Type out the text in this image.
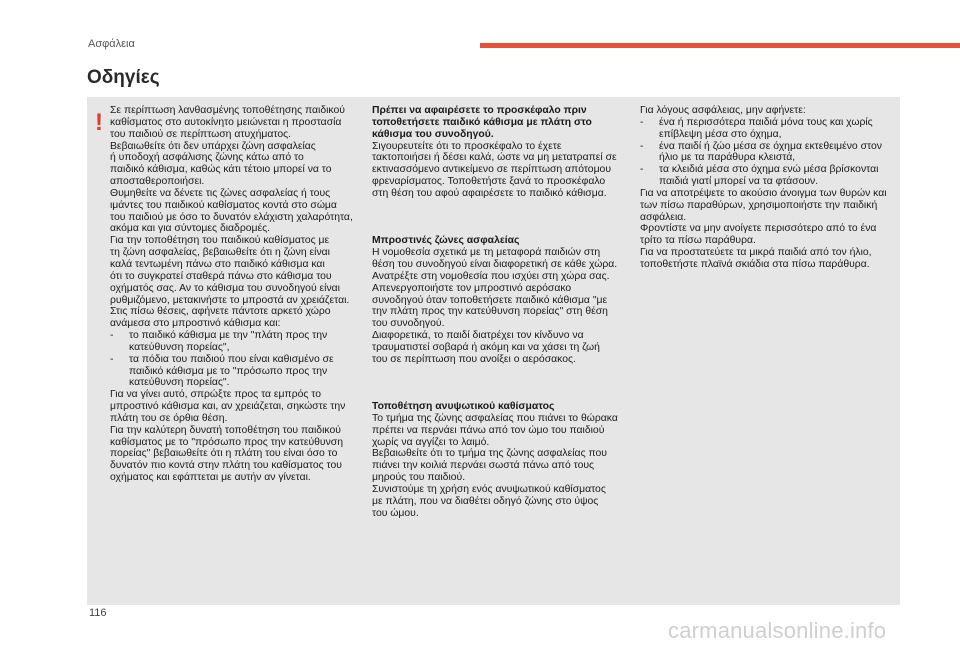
Ασφάλεια
Οδηγίες
! Σε περίπτωση λανθασμένης τοποθέτησης παιδικού
καθίσματος στο αυτοκίνητο μειώνεται η προστασία
του παιδιού σε περίπτωση ατυχήματος.
Βεβαιωθείτε ότι δεν υπάρχει ζώνη ασφαλείας
ή υποδοχή ασφάλισης ζώνης κάτω από το
παιδικό κάθισμα, καθώς κάτι τέτοιο μπορεί να το
αποσταθεροποιήσει.
Θυμηθείτε να δένετε τις ζώνες ασφαλείας ή τους
ιμάντες του παιδικού καθίσματος κοντά στο σώμα
του παιδιού με όσο το δυνατόν ελάχιστη χαλαρότητα,
ακόμα και για σύντομες διαδρομές.
Για την τοποθέτηση του παιδικού καθίσματος με
τη ζώνη ασφαλείας, βεβαιωθείτε ότι η ζώνη είναι
καλά τεντωμένη πάνω στο παιδικό κάθισμα και
ότι το συγκρατεί σταθερά πάνω στο κάθισμα του
οχήματός σας. Αν το κάθισμα του συνοδηγού είναι
ρυθμιζόμενο, μετακινήστε το μπροστά αν χρειάζεται.
Στις πίσω θέσεις, αφήνετε πάντοτε αρκετό χώρο
ανάμεσα στο μπροστινό κάθισμα και:
- το παιδικό κάθισμα με την "πλάτη προς την
κατεύθυνση πορείας",
- τα πόδια του παιδιού που είναι καθισμένο σε
παιδικό κάθισμα με το "πρόσωπο προς την
κατεύθυνση πορείας".
Για να γίνει αυτό, σπρώξτε προς τα εμπρός το
μπροστινό κάθισμα και, αν χρειάζεται, σηκώστε την
πλάτη του σε όρθια θέση.
Για την καλύτερη δυνατή τοποθέτηση του παιδικού
καθίσματος με το "πρόσωπο προς την κατεύθυνση
πορείας" βεβαιωθείτε ότι η πλάτη του είναι όσο το
δυνατόν πιο κοντά στην πλάτη του καθίσματος του
οχήματος και εφάπτεται με αυτήν αν γίνεται.
Πρέπει να αφαιρέσετε το προσκέφαλο πριν
τοποθετήσετε παιδικό κάθισμα με πλάτη στο
κάθισμα του συνοδηγού.
Σιγουρευτείτε ότι το προσκέφαλο το έχετε
τακτοποιήσει ή δέσει καλά, ώστε να μη μετατραπεί σε
εκτινασσόμενο αντικείμενο σε περίπτωση απότομου
φρεναρίσματος. Τοποθετήστε ξανά το προσκέφαλο
στη θέση του αφού αφαιρέσετε το παιδικό κάθισμα.
Μπροστινές ζώνες ασφαλείας
Η νομοθεσία σχετικά με τη μεταφορά παιδιών στη
θέση του συνοδηγού είναι διαφορετική σε κάθε χώρα.
Ανατρέξτε στη νομοθεσία που ισχύει στη χώρα σας.
Απενεργοποιήστε τον μπροστινό αερόσακο
συνοδηγού όταν τοποθετήσετε παιδικό κάθισμα "με
την πλάτη προς την κατεύθυνση πορείας" στη θέση
του συνοδηγού.
Διαφορετικά, το παιδί διατρέχει τον κίνδυνο να
τραυματιστεί σοβαρά ή ακόμη και να χάσει τη ζωή
του σε περίπτωση που ανοίξει ο αερόσακος.
Τοποθέτηση ανυψωτικού καθίσματος
Το τμήμα της ζώνης ασφαλείας που πιάνει το θώρακα
πρέπει να περνάει πάνω από τον ώμο του παιδιού
χωρίς να αγγίζει το λαιμό.
Βεβαιωθείτε ότι το τμήμα της ζώνης ασφαλείας που
πιάνει την κοιλιά περνάει σωστά πάνω από τους
μηρούς του παιδιού.
Συνιστούμε τη χρήση ενός ανυψωτικού καθίσματος
με πλάτη, που να διαθέτει οδηγό ζώνης στο ύψος
του ώμου.
Για λόγους ασφάλειας, μην αφήνετε:
- ένα ή περισσότερα παιδιά μόνα τους και χωρίς
επίβλεψη μέσα στο όχημα,
- ένα παιδί ή ζώο μέσα σε όχημα εκτεθειμένο στον
ήλιο με τα παράθυρα κλειστά,
- τα κλειδιά μέσα στο όχημα ενώ μέσα βρίσκονται
παιδιά γιατί μπορεί να τα φτάσουν.
Για να αποτρέψετε το ακούσιο άνοιγμα των θυρών και
των πίσω παραθύρων, χρησιμοποιήστε την παιδική
ασφάλεια.
Φροντίστε να μην ανοίγετε περισσότερο από το ένα
τρίτο τα πίσω παράθυρα.
Για να προστατεύετε τα μικρά παιδιά από τον ήλιο,
τοποθετήστε πλαϊνά σκιάδια στα πίσω παράθυρα.
116
carmanualsonline.info
